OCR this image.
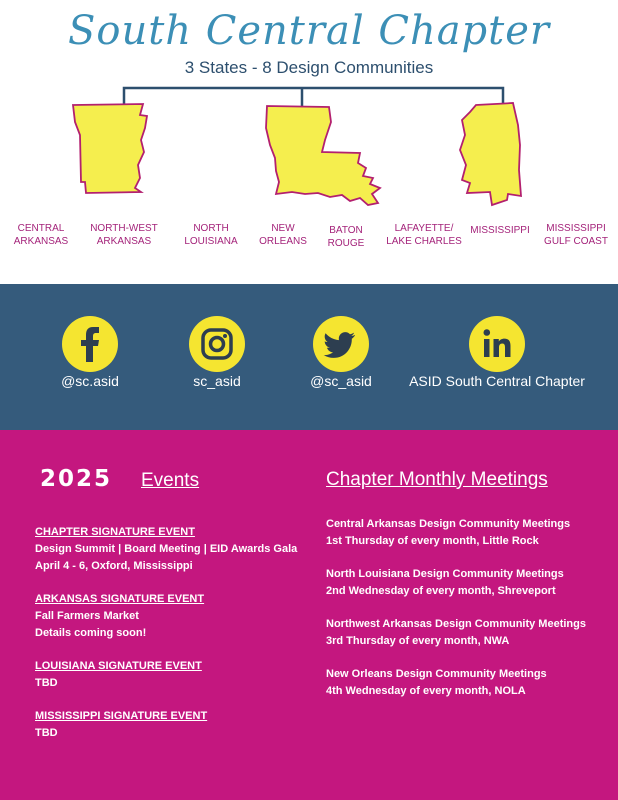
South Central Chapter
3 States - 8 Design Communities
CENTRAL
ARKANSAS
NORTH-WEST
ARKANSAS
NORTH
LOUISIANA
NEW
ORLEANS
BATON
ROUGE
LAFAYETTE/
LAKE CHARLES
MISSISSIPPI	MISSISSIPPI
GULF COAST
@sc.asid	sc_asid	@sc_asid	ASID South Central Chapter
2025 Events
CHAPTER SIGNATURE EVENT
Design Summit | Board Meeting | EID Awards Gala
April 4 - 6, Oxford, Mississippi
ARKANSAS SIGNATURE EVENT
Fall Farmers Market
Details coming soon!
LOUISIANA SIGNATURE EVENT
TBD
MISSISSIPPI SIGNATURE EVENT
TBD
Chapter Monthly Meetings
Central Arkansas Design Community Meetings
1st Thursday of every month, Little Rock
North Louisiana Design Community Meetings
2nd Wednesday of every month, Shreveport
Northwest Arkansas Design Community Meetings
3rd Thursday of every month, NWA
New Orleans Design Community Meetings
4th Wednesday of every month, NOLA
